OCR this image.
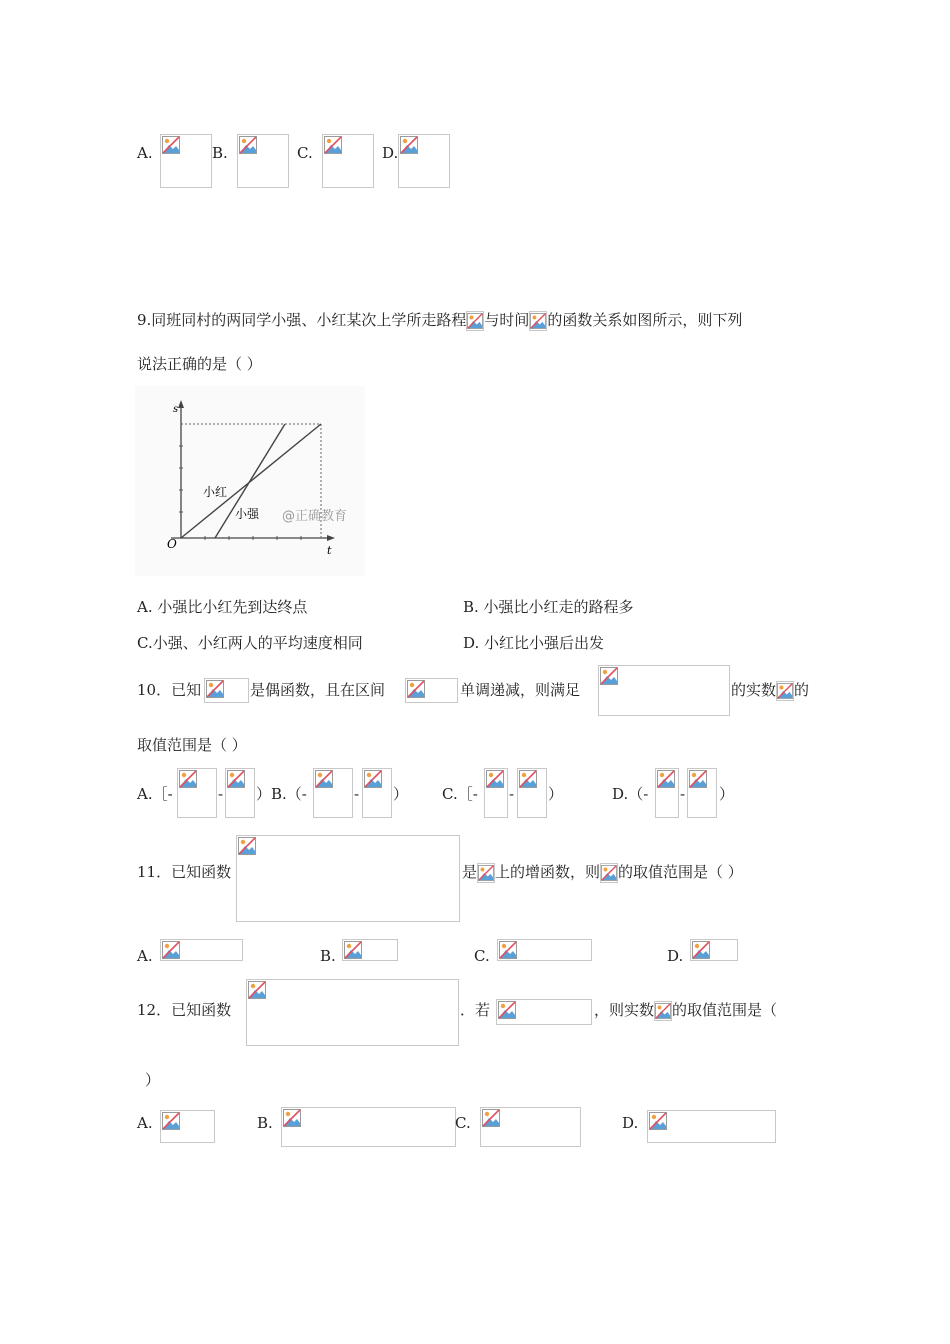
A.	B.	C.	D.
9.同班同村的两同学小强、小红某次上学所走路程 与时间 的函数关系如图所示，则下列
说法正确的是（ ）
s
t
O
小红
小强 @正确教育
A. 小强比小红先到达终点	B. 小强比小红走的路程多
C.小强、小红两人的平均速度相同	D. 小红比小强后出发
10．已知	是偶函数，且在区间	单调递减，则满足	的实数 的
取值范围是（ ）
A.［-	- ） B.（-	- ） C.［- - ）	D.（- - ）
11．已知函数	是 上的增函数，则 的取值范围是（ ）
A.	B.	C.	D.
12．已知函数	．若	，则实数 的取值范围是（
）
A.	B.	C.	D.
